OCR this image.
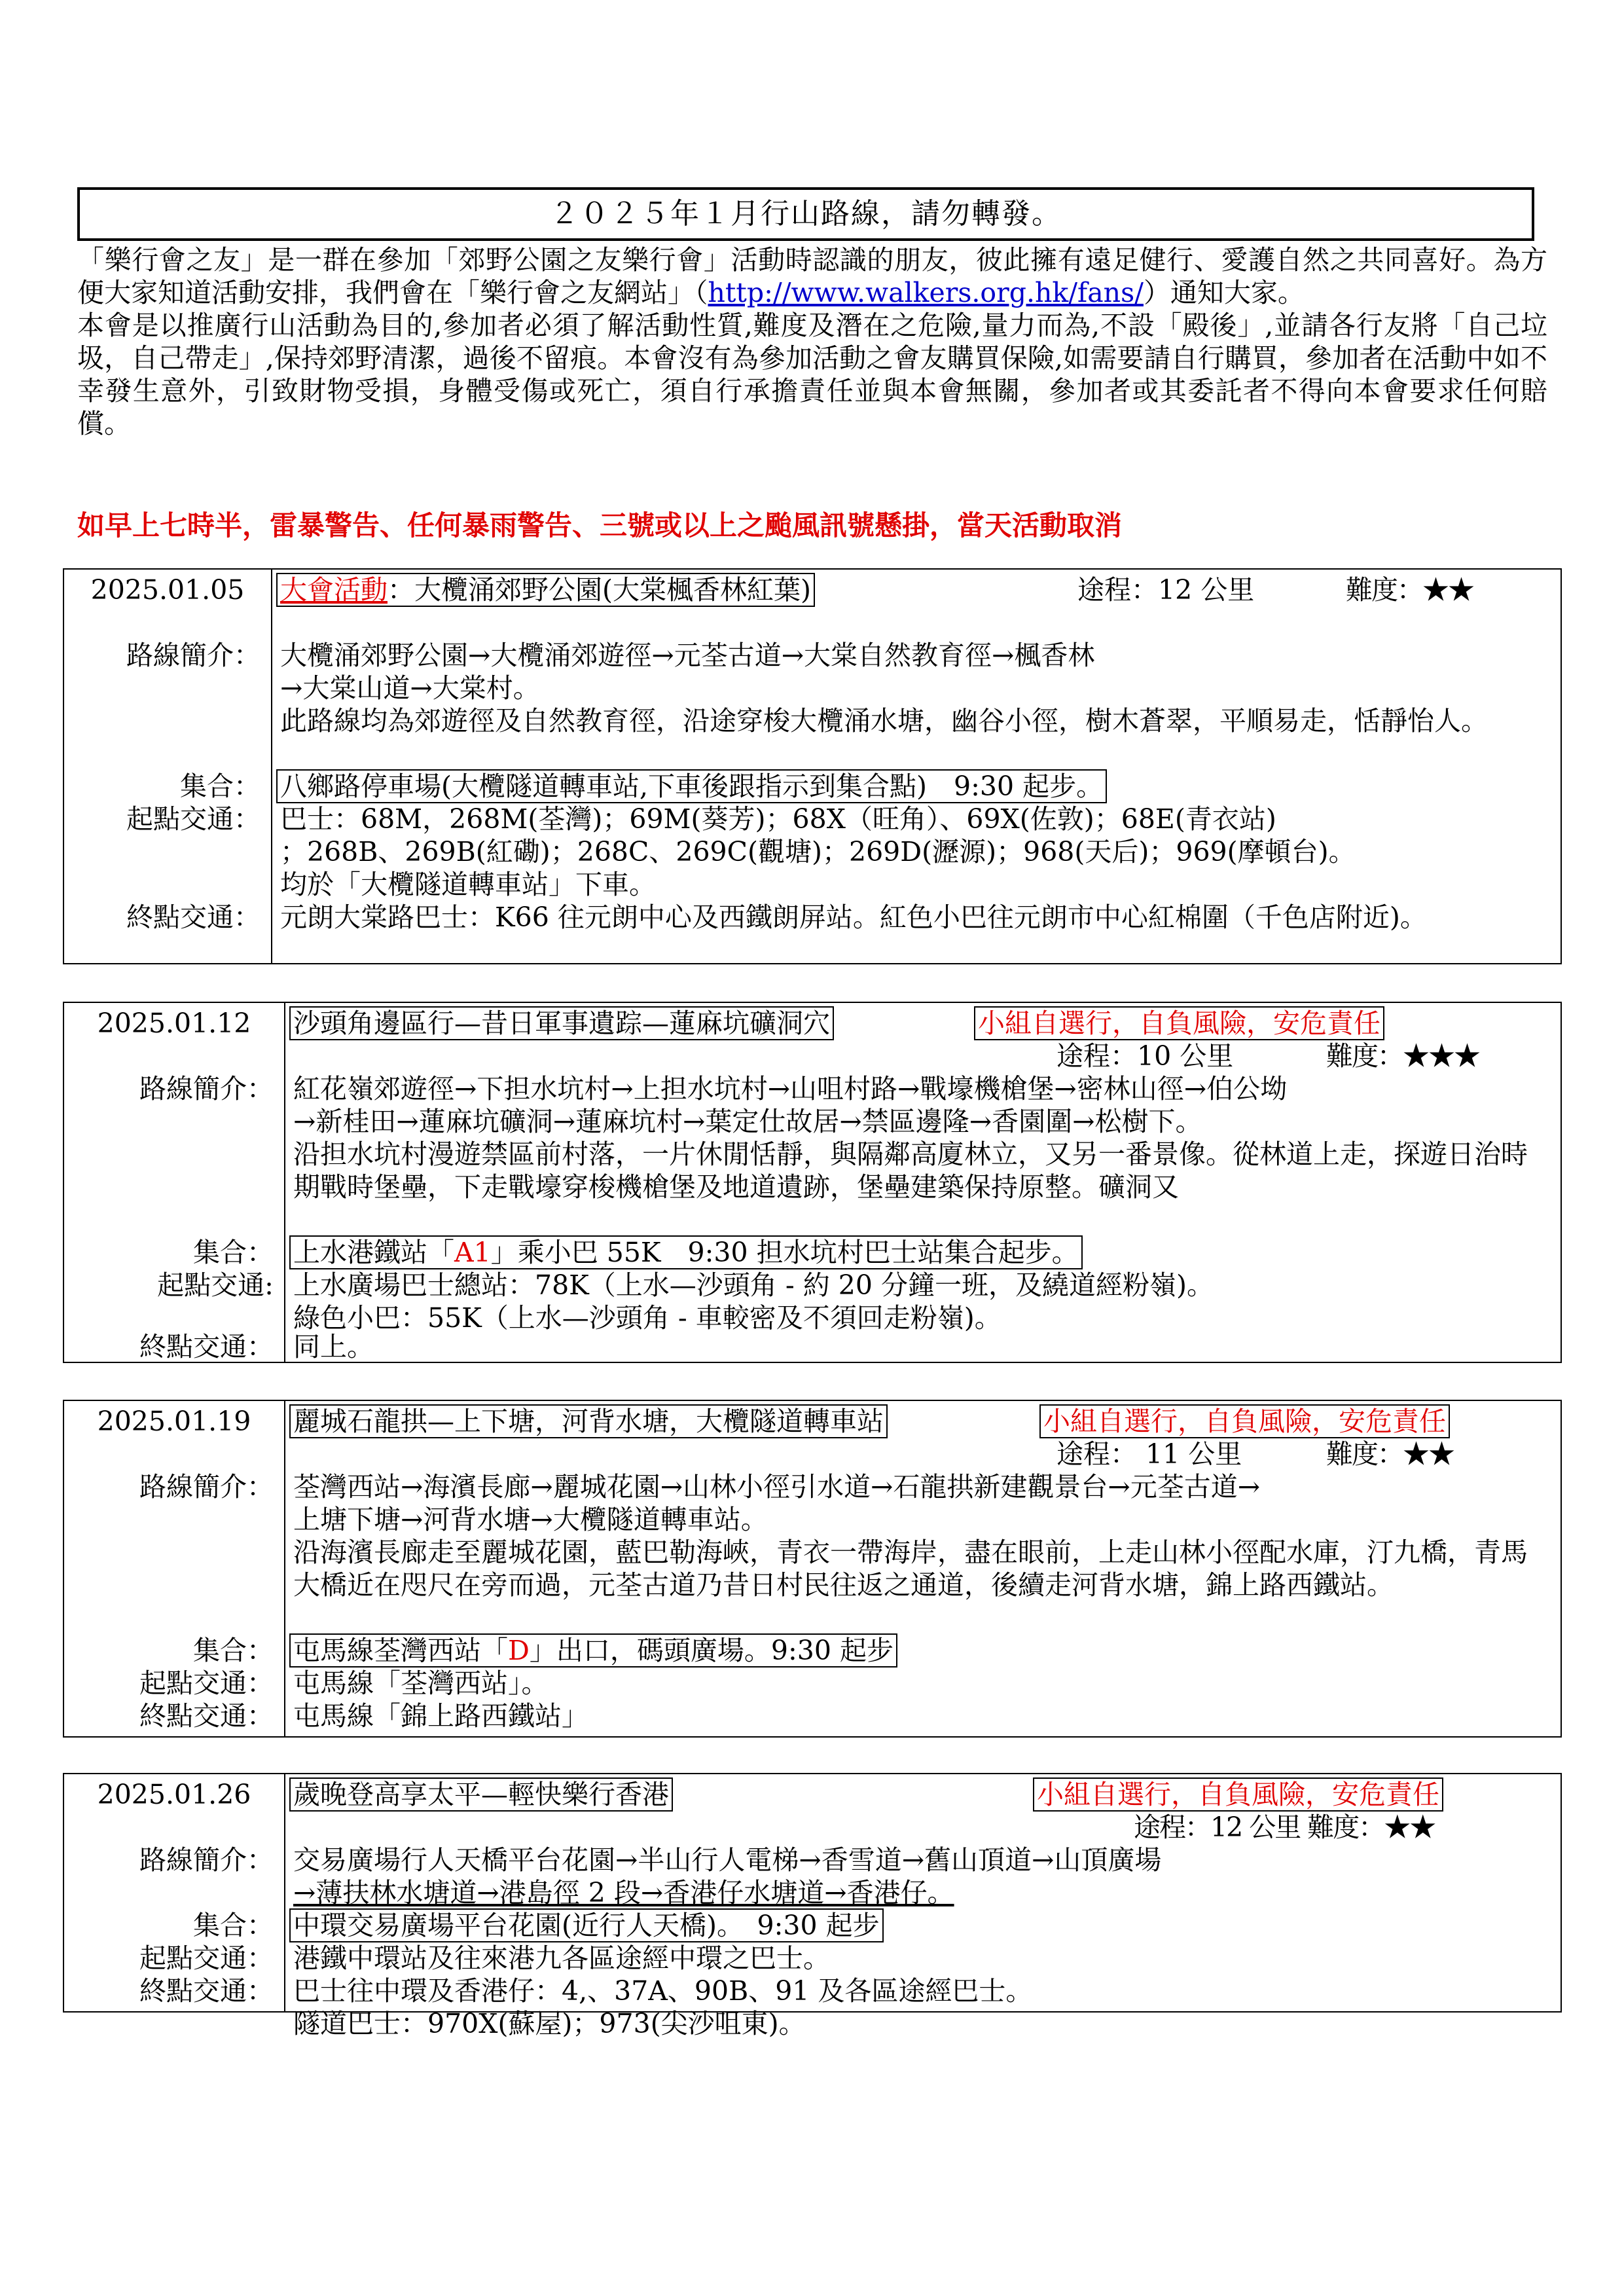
２０２５年１月行山路線，請勿轉發。

「樂行會之友」是一群在參加「郊野公園之友樂行會」活動時認識的朋友，彼此擁有遠足健行、愛護自然之共同喜好。為方便大家知道活動安排，我們會在「樂行會之友網站」（http://www.walkers.org.hk/fans/）通知大家。

本會是以推廣行山活動為目的,參加者必須了解活動性質,難度及潛在之危險,量力而為,不設「殿後」,並請各行友將「自己垃圾，自己帶走」,保持郊野清潔，過後不留痕。本會沒有為參加活動之會友購買保險,如需要請自行購買，參加者在活動中如不幸發生意外，引致財物受損，身體受傷或死亡，須自行承擔責任並與本會無關，參加者或其委託者不得向本會要求任何賠償。

如早上七時半，雷暴警告、任何暴雨警告、三號或以上之颱風訊號懸掛，當天活動取消
2025.01.05	大會活動：大欖涌郊野公園(大棠楓香林紅葉)	途程：12 公里	難度：★★
路線簡介： 大欖涌郊野公園→大欖涌郊遊徑→元荃古道→大棠自然教育徑→楓香林
→大棠山道→大棠村。
此路線均為郊遊徑及自然教育徑，沿途穿梭大欖涌水塘，幽谷小徑，樹木蒼翠，平順易走，恬靜怡人。
集合： 八鄉路停車場(大欖隧道轉車站,下車後跟指示到集合點)　9:30 起步。
起點交通： 巴士：68M，268M(荃灣)；69M(葵芳)；68X（旺角）、69X(佐敦)；68E(青衣站)
；268B、269B(紅磡)；268C、269C(觀塘)；269D(瀝源)；968(天后)；969(摩頓台)。
均於「大欖隧道轉車站」下車。
終點交通： 元朗大棠路巴士：K66 往元朗中心及西鐵朗屏站。紅色小巴往元朗市中心紅棉圍（千色店附近)。
2025.01.12	沙頭角邊區行—昔日軍事遺踪—蓮麻坑礦洞穴	小組自選行，自負風險，安危責任
途程：10 公里	難度：★★★
路線簡介： 紅花嶺郊遊徑→下担水坑村→上担水坑村→山咀村路→戰壕機槍堡→密林山徑→伯公坳
→新桂田→蓮麻坑礦洞→蓮麻坑村→葉定仕故居→禁區邊隆→香園圍→松樹下。
沿担水坑村漫遊禁區前村落，一片休閒恬靜，與隔鄰高廈林立，又另一番景像。從林道上走，探遊日治時期戰時堡壘，下走戰壕穿梭機槍堡及地道遺跡，堡壘建築保持原整。礦洞又
集合： 上水港鐵站「A1」乘小巴 55K　9:30 担水坑村巴士站集合起步。
起點交通: 上水廣場巴士總站：78K（上水—沙頭角 - 約 20 分鐘一班，及繞道經粉嶺)。
綠色小巴：55K（上水—沙頭角 - 車較密及不須回走粉嶺)。
終點交通： 同上。
2025.01.19	麗城石龍拱—上下塘，河背水塘，大欖隧道轉車站	小組自選行，自負風險，安危責任
途程： 11 公里	難度：★★
路線簡介： 荃灣西站→海濱長廊→麗城花園→山林小徑引水道→石龍拱新建觀景台→元荃古道→
上塘下塘→河背水塘→大欖隧道轉車站。
沿海濱長廊走至麗城花園，藍巴勒海峽，青衣一帶海岸，盡在眼前，上走山林小徑配水庫，汀九橋，青馬大橋近在咫尺在旁而過，元荃古道乃昔日村民往返之通道，後續走河背水塘，錦上路西鐵站。
集合： 屯馬線荃灣西站「D」出口，碼頭廣場。9:30 起步
起點交通： 屯馬線「荃灣西站」。
終點交通： 屯馬線「錦上路西鐵站」
2025.01.26	歲晚登高享太平—輕快樂行香港	小組自選行，自負風險，安危責任
途程：12 公里 難度：★★
路線簡介： 交易廣場行人天橋平台花園→半山行人電梯→香雪道→舊山頂道→山頂廣場
→薄扶林水塘道→港島徑 2 段→香港仔水塘道→香港仔。
集合： 中環交易廣場平台花園(近行人天橋)。　9:30 起步
起點交通： 港鐵中環站及往來港九各區途經中環之巴士。
終點交通： 巴士往中環及香港仔：4,、37A、90B、91 及各區途經巴士。
隧道巴士：970X(蘇屋)；973(尖沙咀東)。
